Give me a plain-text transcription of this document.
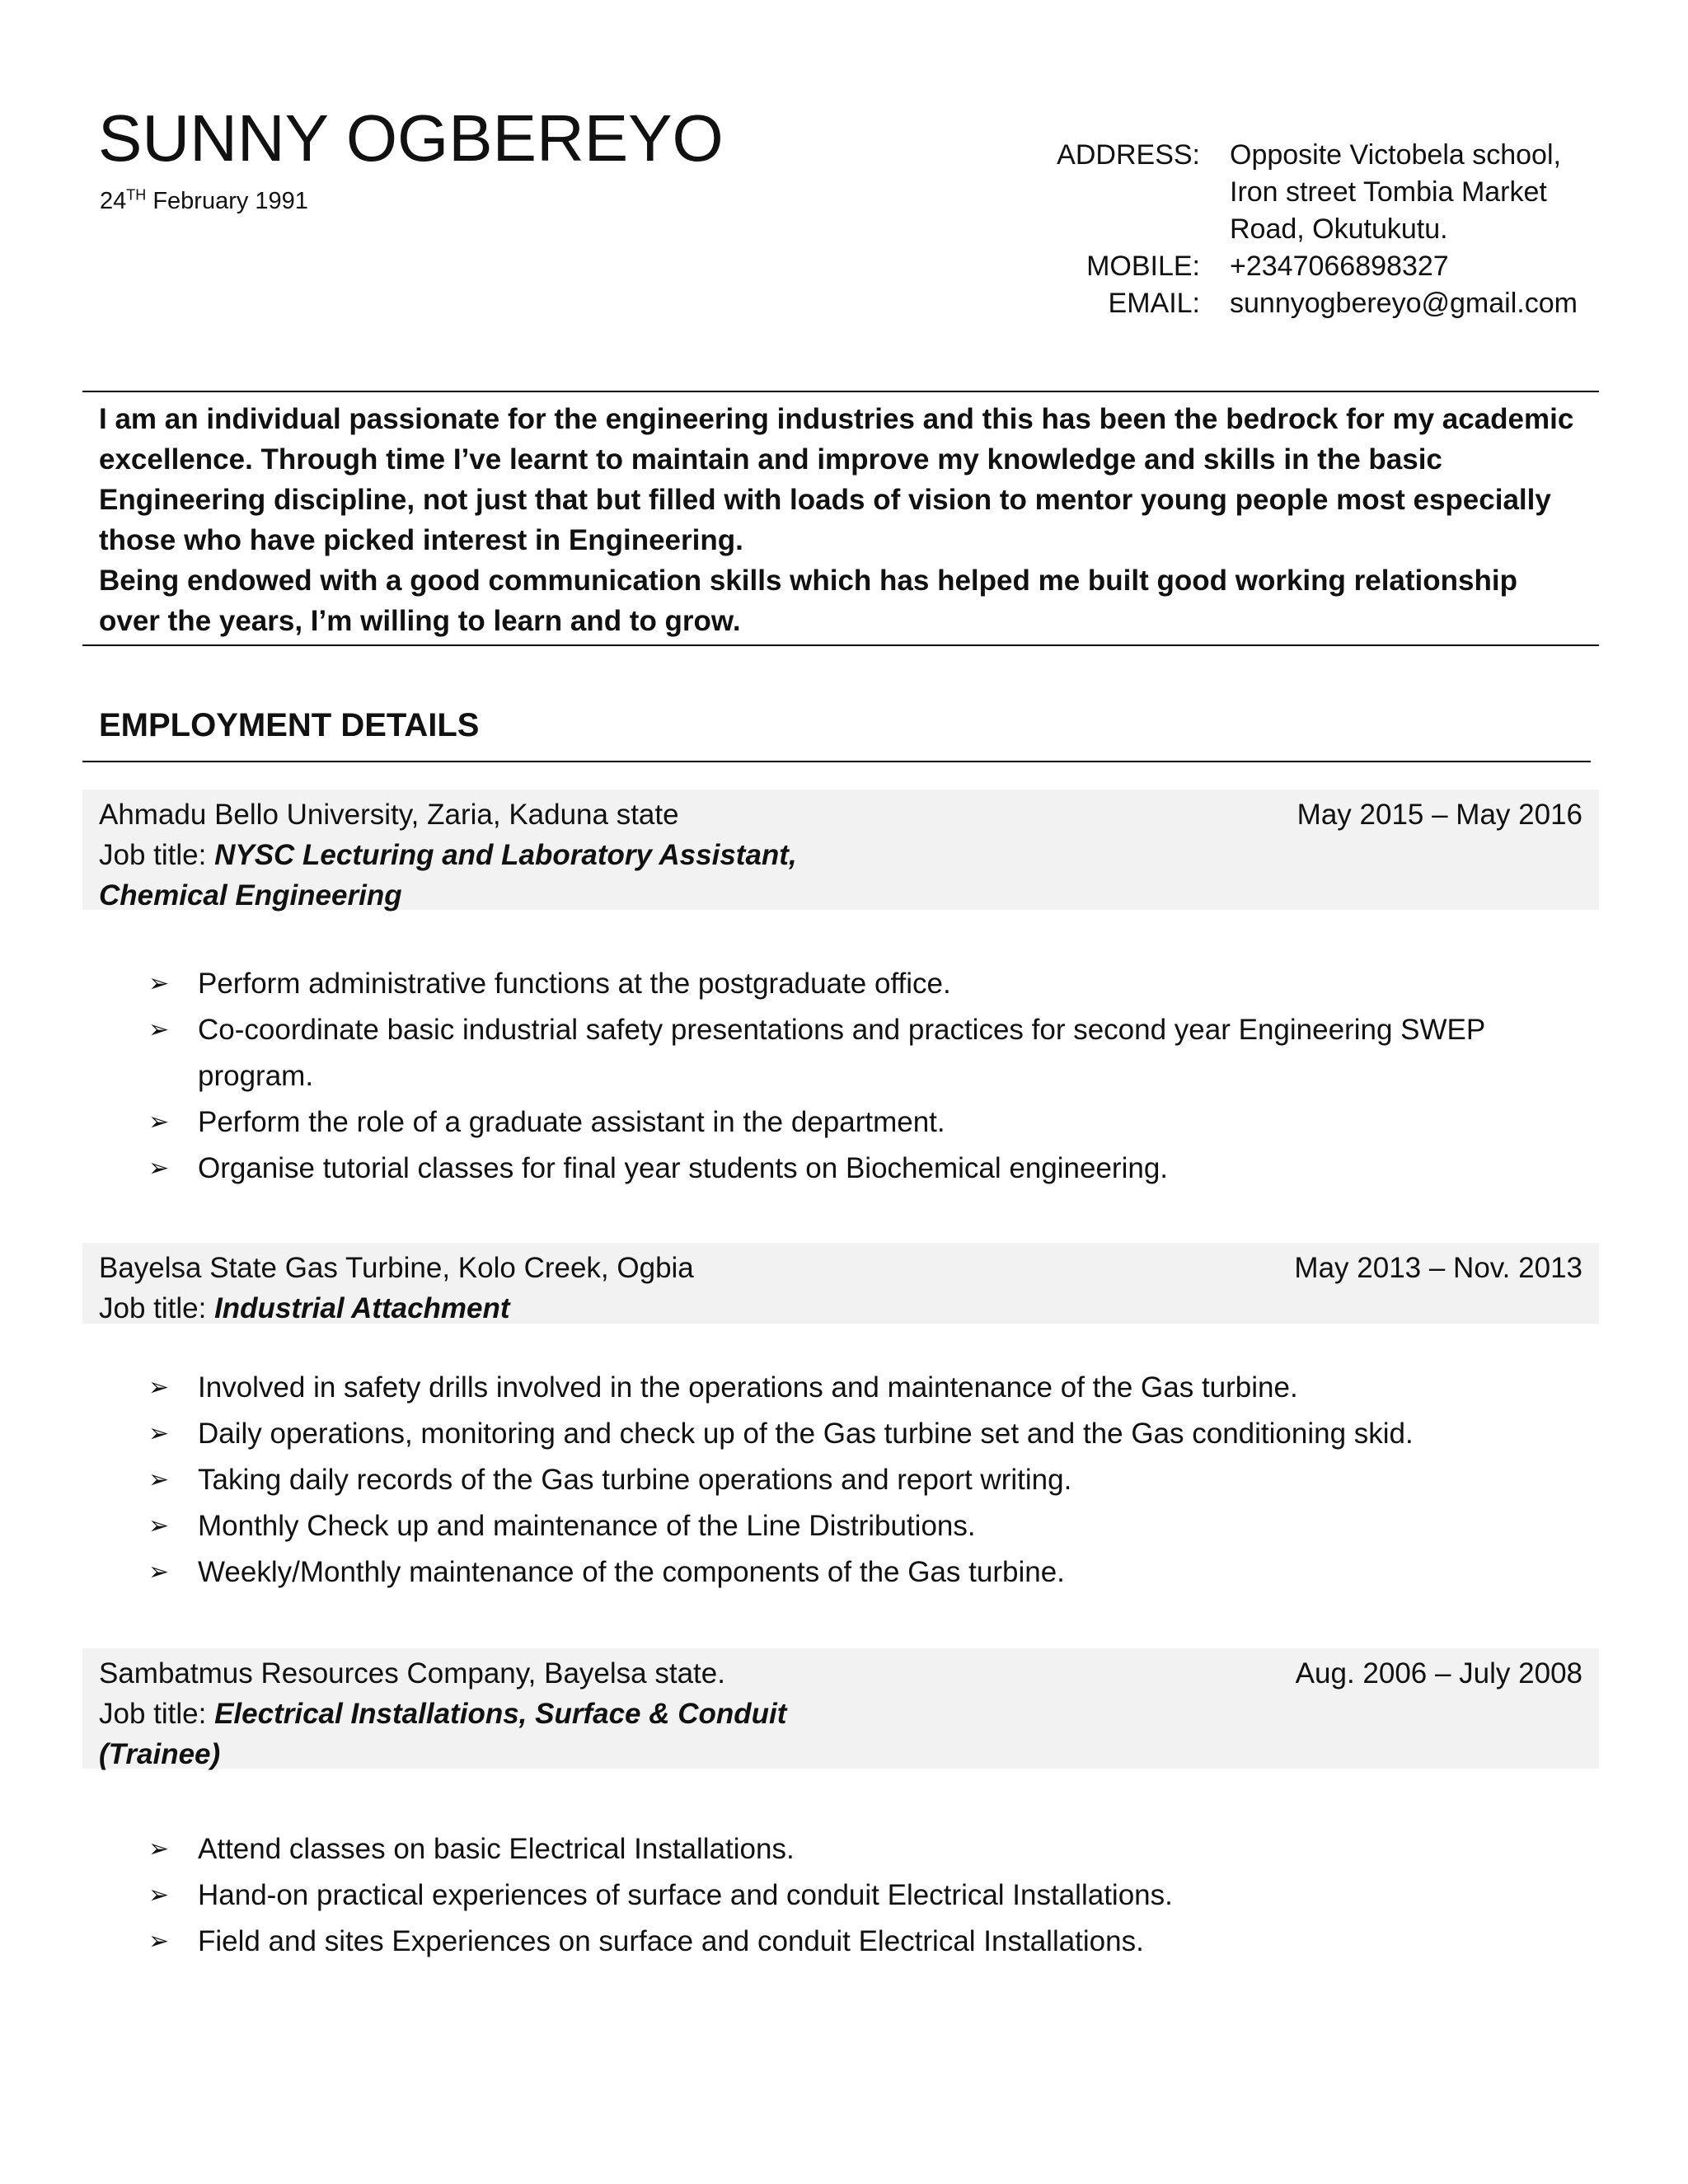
SUNNY OGBEREYO
24TH February 1991
ADDRESS:	Opposite Victobela school,
Iron street Tombia Market
Road, Okutukutu.
MOBILE:	+2347066898327
EMAIL:	sunnyogbereyo@gmail.com

I am an individual passionate for the engineering industries and this has been the bedrock for my academic excellence. Through time I’ve learnt to maintain and improve my knowledge and skills in the basic Engineering discipline, not just that but filled with loads of vision to mentor young people most especially those who have picked interest in Engineering.

Being endowed with a good communication skills which has helped me built good working relationship over the years, I’m willing to learn and to grow.

EMPLOYMENT DETAILS
Ahmadu Bello University, Zaria, Kaduna state	May 2015 – May 2016
Job title: NYSC Lecturing and Laboratory Assistant,
Chemical Engineering
➢ Perform administrative functions at the postgraduate office.
➢ Co-coordinate basic industrial safety presentations and practices for second year Engineering SWEP program.
➢ Perform the role of a graduate assistant in the department.
➢ Organise tutorial classes for final year students on Biochemical engineering.
Bayelsa State Gas Turbine, Kolo Creek, Ogbia	May 2013 – Nov. 2013
Job title: Industrial Attachment
➢ Involved in safety drills involved in the operations and maintenance of the Gas turbine.
➢ Daily operations, monitoring and check up of the Gas turbine set and the Gas conditioning skid.
➢ Taking daily records of the Gas turbine operations and report writing.
➢ Monthly Check up and maintenance of the Line Distributions.
➢ Weekly/Monthly maintenance of the components of the Gas turbine.
Sambatmus Resources Company, Bayelsa state.	Aug. 2006 – July 2008
Job title: Electrical Installations, Surface & Conduit
(Trainee)
➢ Attend classes on basic Electrical Installations.
➢ Hand-on practical experiences of surface and conduit Electrical Installations.
➢ Field and sites Experiences on surface and conduit Electrical Installations.
